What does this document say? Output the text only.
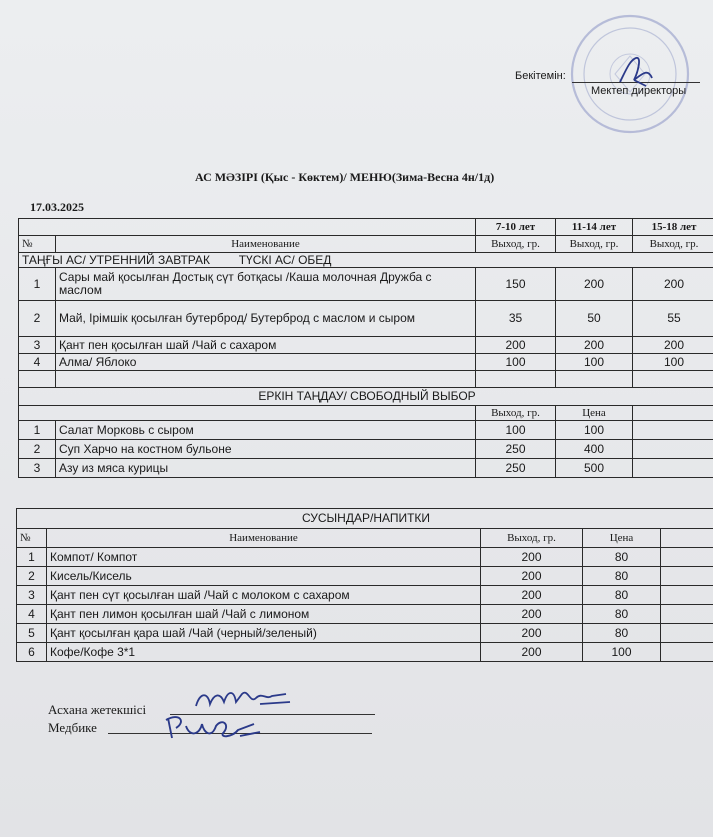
Бекітемін:
Мектеп директоры
АС МӘЗІРІ (Қыс - Көктем)/ МЕНЮ(Зима-Весна 4н/1д)
17.03.2025
		7-10 лет	11-14 лет	15-18 лет
№	Наименование	Выход, гр.	Выход, гр.	Выход, гр.
ТАҢҒЫ АС/ УТРЕННИЙ ЗАВТРАК ТҮСКІ АС/ ОБЕД				
1	Сары май қосылған Достық сүт ботқасы /Каша молочная Дружба с маслом	150	200	200
2	Май, Ірімшік қосылған бутерброд/ Бутерброд с маслом и сыром	35	50	55
3	Қант пен қосылған шай /Чай с сахаром	200	200	200
4	Алма/ Яблоко	100	100	100

ЕРКІН ТАҢДАУ/ СВОБОДНЫЙ ВЫБОР				
		Выход, гр.	Цена	
1	Салат Морковь с сыром	100	100	
2	Суп Харчо на костном бульоне	250	400	
3	Азу из мяса курицы	250	500	
СУСЫНДАР/НАПИТКИ				
№	Наименование	Выход, гр.	Цена	
1	Компот/ Компот	200	80	
2	Кисель/Кисель	200	80	
3	Қант пен сүт қосылған шай /Чай с молоком с сахаром	200	80	
4	Қант пен лимон қосылған шай /Чай с лимоном	200	80	
5	Қант қосылған қара шай /Чай (черный/зеленый)	200	80	
6	Кофе/Кофе 3*1	200	100	
Асхана жетекшісі
Медбике
